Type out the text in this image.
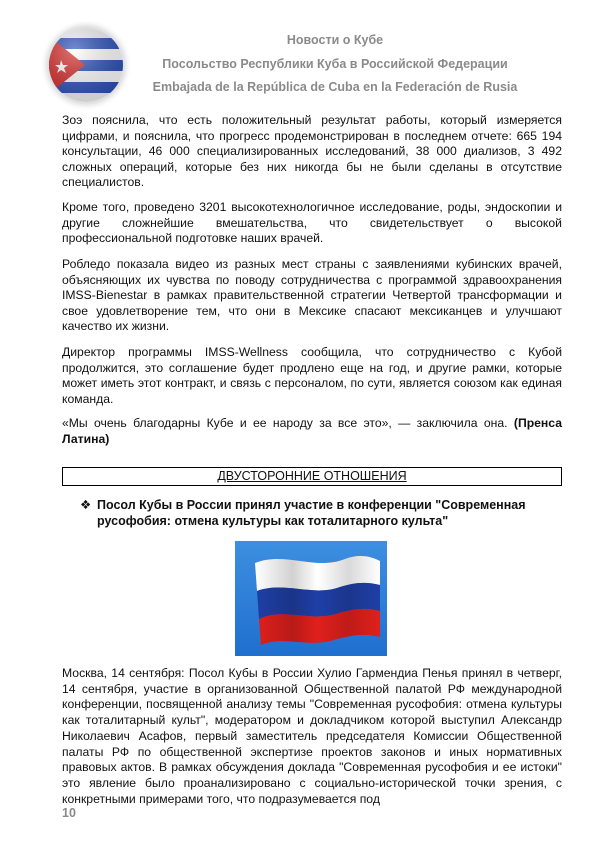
Новости о Кубе
Посольство Республики Куба в Российской Федерации
Embajada de la República de Cuba en la Federación de Rusia

Зоэ пояснила, что есть положительный результат работы, который измеряется цифрами, и пояснила, что прогресс продемонстрирован в последнем отчете: 665 194 консультации, 46 000 специализированных исследований, 38 000 диализов, 3 492 сложных операций, которые без них никогда бы не были сделаны в отсутствие специалистов.

Кроме того, проведено 3201 высокотехнологичное исследование, роды, эндоскопии и другие сложнейшие вмешательства, что свидетельствует о высокой профессиональной подготовке наших врачей.

Робледо показала видео из разных мест страны с заявлениями кубинских врачей, объясняющих их чувства по поводу сотрудничества с программой здравоохранения IMSS-Bienestar в рамках правительственной стратегии Четвертой трансформации и свое удовлетворение тем, что они в Мексике спасают мексиканцев и улучшают качество их жизни.

Директор программы IMSS-Wellness сообщила, что сотрудничество с Кубой продолжится, это соглашение будет продлено еще на год, и другие рамки, которые может иметь этот контракт, и связь с персоналом, по сути, является союзом как единая команда.

«Мы очень благодарны Кубе и ее народу за все это», — заключила она. (Пренса Латина)

ДВУСТОРОННИЕ ОТНОШЕНИЯ
❖ Посол Кубы в России принял участие в конференции "Современная русофобия: отмена культуры как тоталитарного культа"

Москва, 14 сентября: Посол Кубы в России Хулио Гармендиа Пенья принял в четверг, 14 сентября, участие в организованной Общественной палатой РФ международной конференции, посвященной анализу темы "Современная русофобия: отмена культуры как тоталитарный культ", модератором и докладчиком которой выступил Александр Николаевич Асафов, первый заместитель председателя Комиссии Общественной палаты РФ по общественной экспертизе проектов законов и иных нормативных правовых актов. В рамках обсуждения доклада "Современная русофобия и ее истоки" это явление было проанализировано с социально-исторической точки зрения, с конкретными примерами того, что подразумевается под

10
